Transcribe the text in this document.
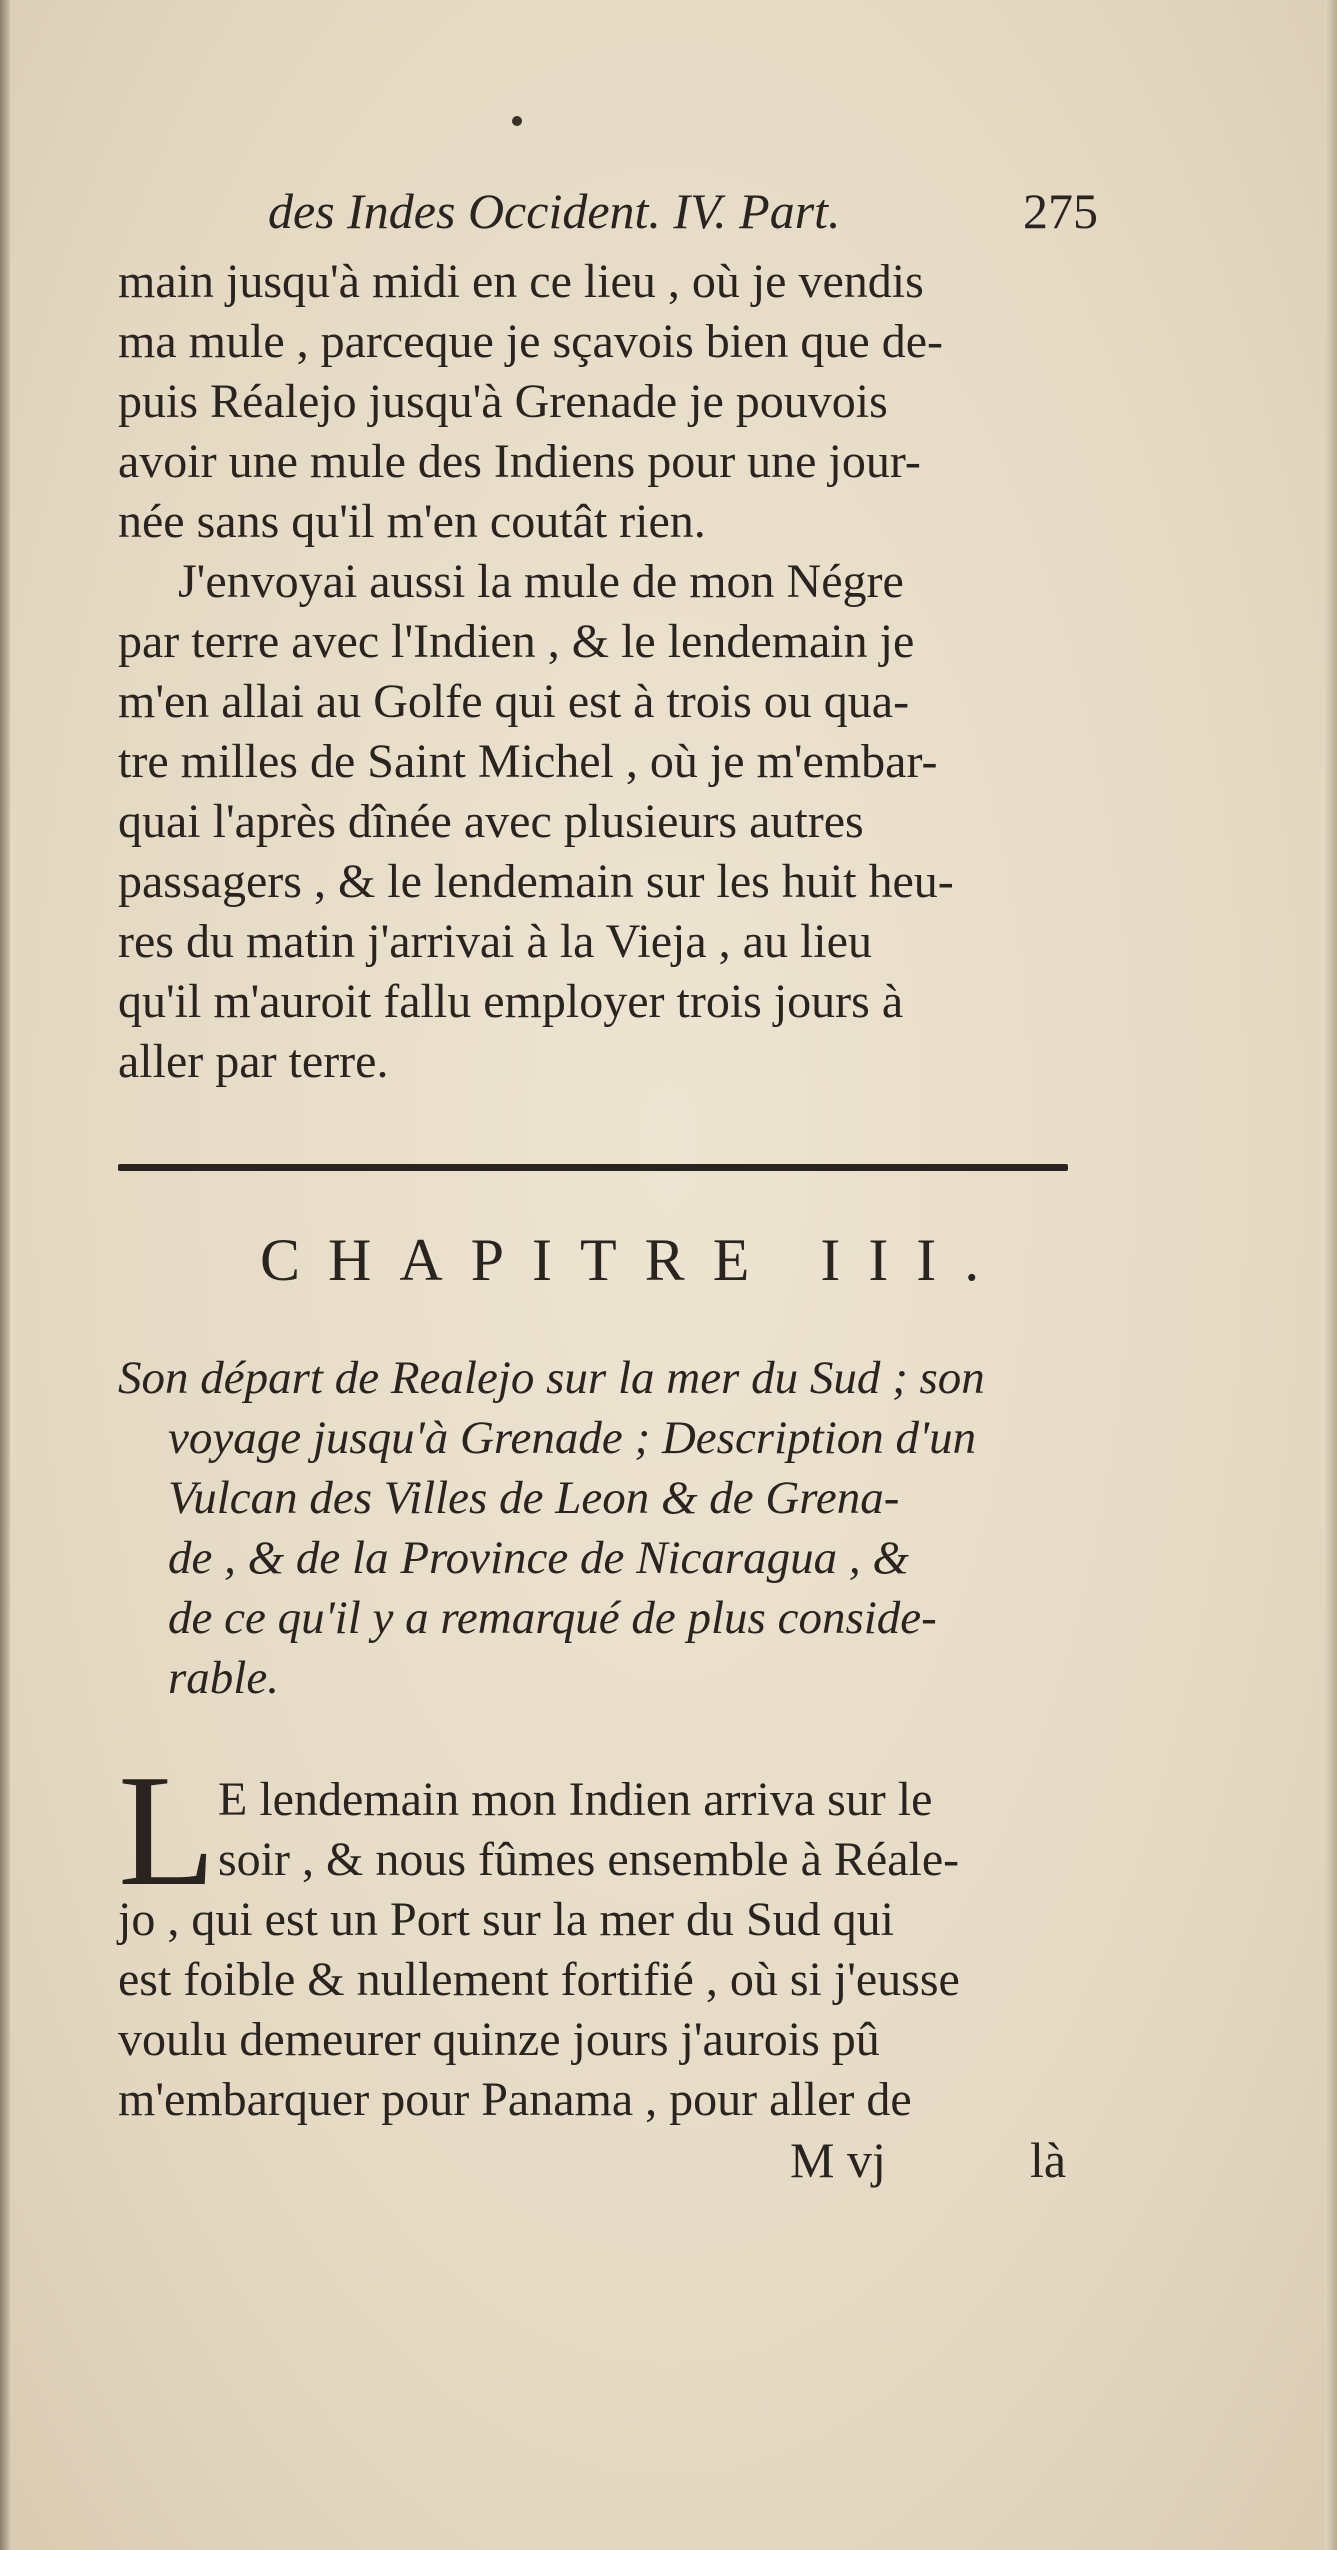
des Indes Occident. IV. Part.	275
main jusqu'à midi en ce lieu , où je vendis
ma mule , parceque je sçavois bien que de-
puis Réalejo jusqu'à Grenade je pouvois
avoir une mule des Indiens pour une jour-
née sans qu'il m'en coutât rien.
J'envoyai aussi la mule de mon Négre
par terre avec l'Indien , & le lendemain je
m'en allai au Golfe qui est à trois ou qua-
tre milles de Saint Michel , où je m'embar-
quai l'après dînée avec plusieurs autres
passagers , & le lendemain sur les huit heu-
res du matin j'arrivai à la Vieja , au lieu
qu'il m'auroit fallu employer trois jours à
aller par terre.
CHAPITRE III.
Son départ de Realejo sur la mer du Sud ; son
voyage jusqu'à Grenade ; Description d'un
Vulcan des Villes de Leon & de Grena-
de , & de la Province de Nicaragua , &
de ce qu'il y a remarqué de plus conside-
rable.
L E lendemain mon Indien arriva sur le
soir , & nous fûmes ensemble à Réale-
jo , qui est un Port sur la mer du Sud qui
est foible & nullement fortifié , où si j'eusse
voulu demeurer quinze jours j'aurois pû
m'embarquer pour Panama , pour aller de
M vj	là
